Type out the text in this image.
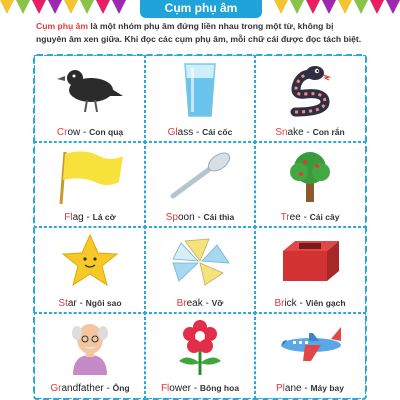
Cụm phụ âm
Cụm phụ âm là một nhóm phụ âm đứng liền nhau trong một từ, không bị nguyên âm xen giữa. Khi đọc các cụm phụ âm, mỗi chữ cái được đọc tách biệt.
Crow - Con quạ	Glass - Cái cốc	Snake - Con rắn
Flag - Lá cờ	Spoon - Cái thìa	Tree - Cái cây
Star - Ngôi sao	Break - Vỡ	Brick - Viên gạch
Grandfather - Ông	Flower - Bông hoa	Plane - Máy bay
